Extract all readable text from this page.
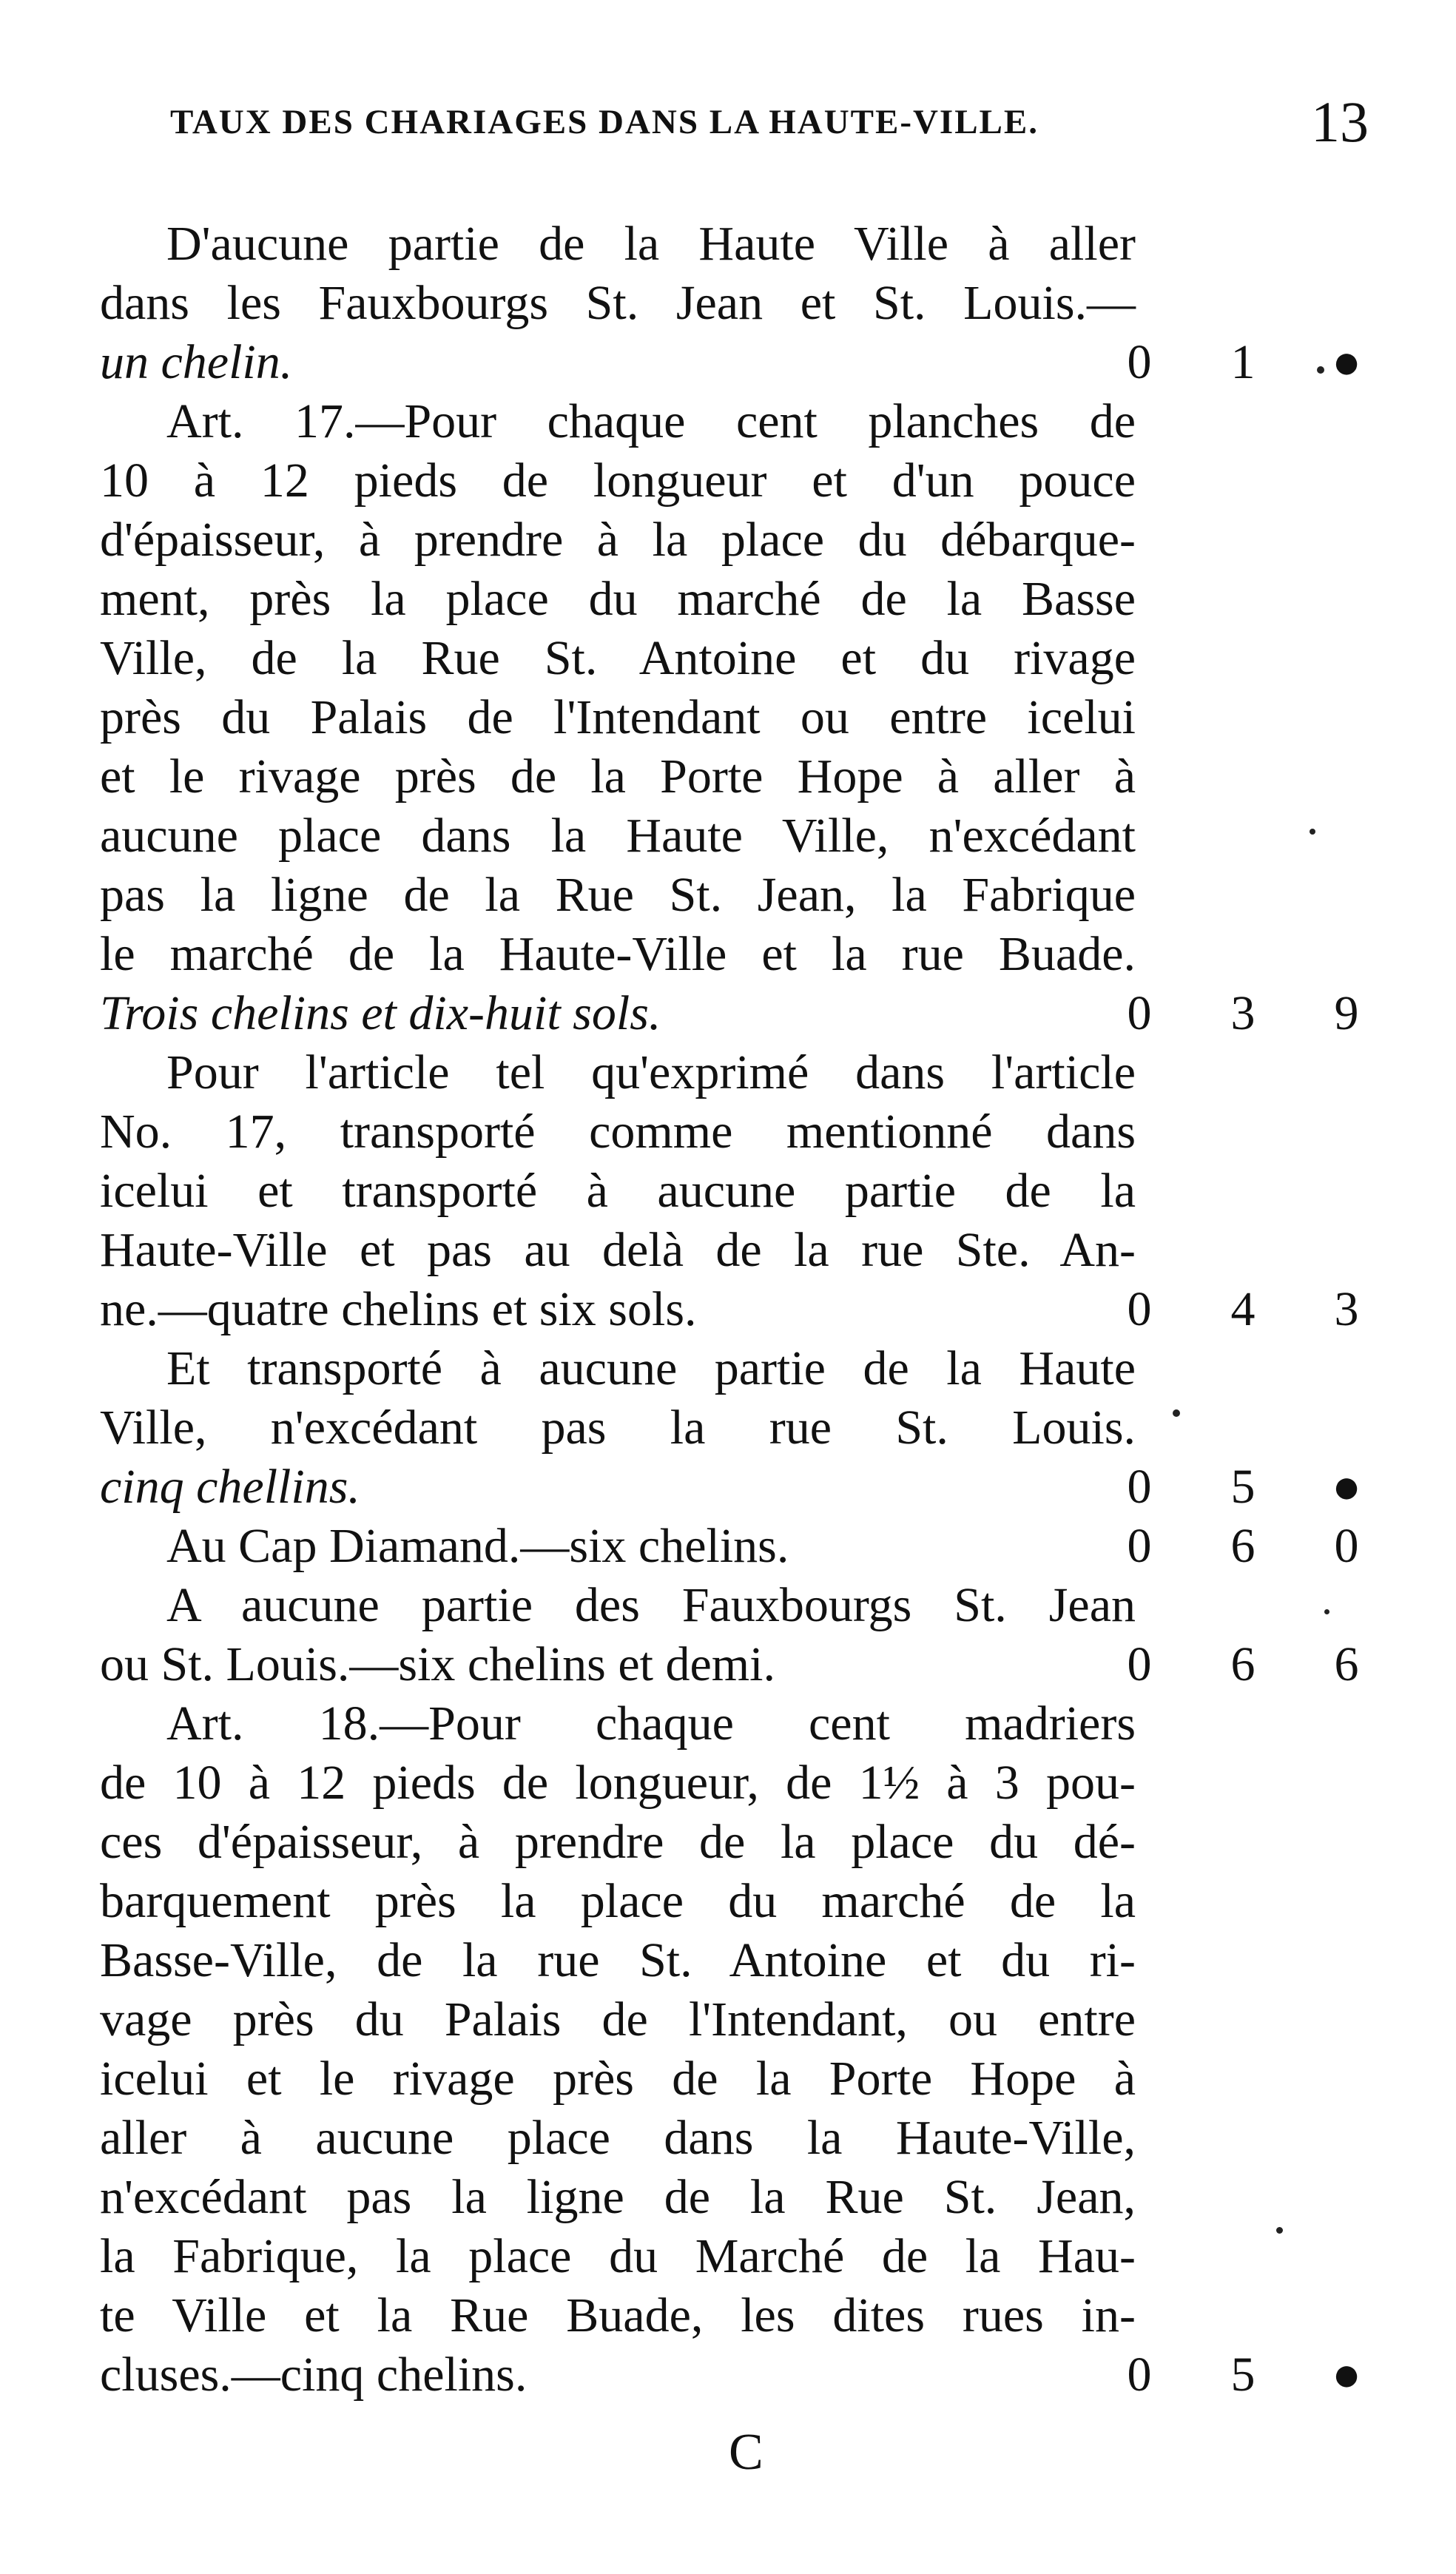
TAUX DES CHARIAGES DANS LA HAUTE-VILLE.	13
D'aucune partie de la Haute Ville à aller
dans les Fauxbourgs St. Jean et St. Louis.—
un chelin.	0 1 ●
Art. 17.—Pour chaque cent planches de
10 à 12 pieds de longueur et d'un pouce
d'épaisseur, à prendre à la place du débarque-
ment, près la place du marché de la Basse
Ville, de la Rue St. Antoine et du rivage
près du Palais de l'Intendant ou entre icelui
et le rivage près de la Porte Hope à aller à
aucune place dans la Haute Ville, n'excédant
pas la ligne de la Rue St. Jean, la Fabrique
le marché de la Haute-Ville et la rue Buade.
Trois chelins et dix-huit sols.	0 3 9
Pour l'article tel qu'exprimé dans l'article
No. 17, transporté comme mentionné dans
icelui et transporté à aucune partie de la
Haute-Ville et pas au delà de la rue Ste. An-
ne.—quatre chelins et six sols.	0 4 3
Et transporté à aucune partie de la Haute
Ville, n'excédant pas la rue St. Louis.
cinq chellins.	0 5 ●
Au Cap Diamand.—six chelins.	0 6 0
A aucune partie des Fauxbourgs St. Jean
ou St. Louis.—six chelins et demi.	0 6 6
Art. 18.—Pour chaque cent madriers
de 10 à 12 pieds de longueur, de 1½ à 3 pou-
ces d'épaisseur, à prendre de la place du dé-
barquement près la place du marché de la
Basse-Ville, de la rue St. Antoine et du ri-
vage près du Palais de l'Intendant, ou entre
icelui et le rivage près de la Porte Hope à
aller à aucune place dans la Haute-Ville,
n'excédant pas la ligne de la Rue St. Jean,
la Fabrique, la place du Marché de la Hau-
te Ville et la Rue Buade, les dites rues in-
cluses.—cinq chelins.	0 5 ●
C
